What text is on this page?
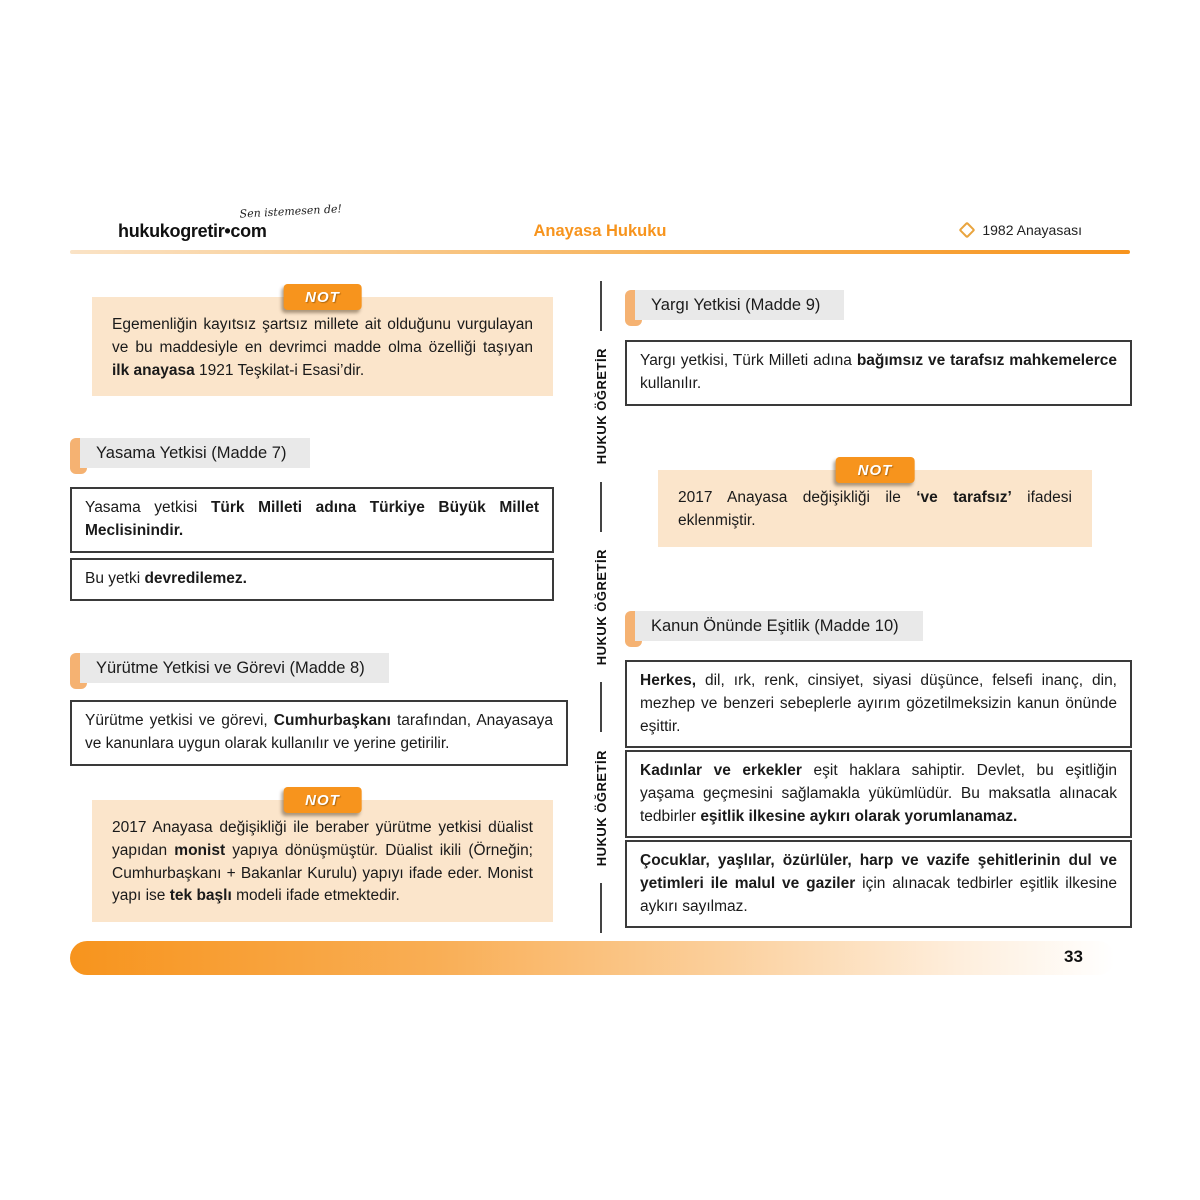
Sen istemesen de!
hukukogretir•com	Anayasa Hukuku	1982 Anayasası
NOT
Egemenliğin kayıtsız şartsız millete ait olduğunu vurgulayan ve bu maddesiyle en devrimci madde olma özelliği taşıyan ilk anayasa 1921 Teşkilat-i Esasi’dir.
Yasama Yetkisi (Madde 7)
Yasama yetkisi Türk Milleti adına Türkiye Büyük Millet Meclisinindir.
Bu yetki devredilemez.
Yürütme Yetkisi ve Görevi (Madde 8)
Yürütme yetkisi ve görevi, Cumhurbaşkanı tarafından, Anayasaya ve kanunlara uygun olarak kullanılır ve yerine getirilir.
NOT
2017 Anayasa değişikliği ile beraber yürütme yetkisi düalist yapıdan monist yapıya dönüşmüştür. Düalist ikili (Örneğin; Cumhurbaşkanı + Bakanlar Kurulu) yapıyı ifade eder. Monist yapı ise tek başlı modeli ifade etmektedir.
HUKUK ÖĞRETİR
HUKUK ÖĞRETİR
HUKUK ÖĞRETİR
Yargı Yetkisi (Madde 9)
Yargı yetkisi, Türk Milleti adına bağımsız ve tarafsız mahkemelerce kullanılır.
NOT
2017 Anayasa değişikliği ile ‘ve tarafsız’ ifadesi eklenmiştir.
Kanun Önünde Eşitlik (Madde 10)
Herkes, dil, ırk, renk, cinsiyet, siyasi düşünce, felsefi inanç, din, mezhep ve benzeri sebeplerle ayırım gözetilmeksizin kanun önünde eşittir.
Kadınlar ve erkekler eşit haklara sahiptir. Devlet, bu eşitliğin yaşama geçmesini sağlamakla yükümlüdür. Bu maksatla alınacak tedbirler eşitlik ilkesine aykırı olarak yorumlanamaz.
Çocuklar, yaşlılar, özürlüler, harp ve vazife şehitlerinin dul ve yetimleri ile malul ve gaziler için alınacak tedbirler eşitlik ilkesine aykırı sayılmaz.
33
